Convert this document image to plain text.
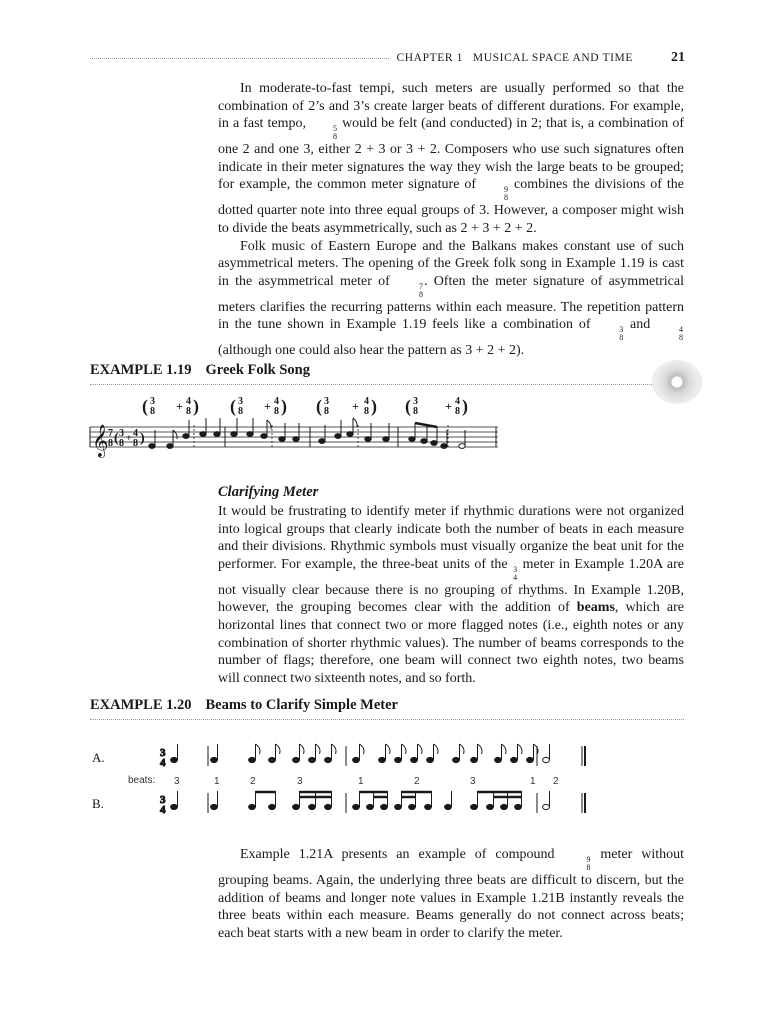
CHAPTER 1 MUSICAL SPACE AND TIME	21

In moderate-to-fast tempi, such meters are usually performed so that the combination of 2’s and 3’s create larger beats of different durations. For example, in a fast tempo,	5
8
would be felt (and conducted) in 2; that is, a combination of one 2 and one 3, either 2 + 3 or 3 + 2. Composers who use such signatures often indicate in their meter signatures the way they wish the large beats to be grouped; for example, the common meter signature of	9
8
combines the divisions of the dotted quarter note into three equal groups of 3. However, a composer might wish to divide the beats asymmetrically, such as 2 + 3 + 2 + 2.

Folk music of Eastern Europe and the Balkans makes constant use of such asymmetrical meters. The opening of the Greek folk song in Example 1.19 is cast in the asymmetrical meter of	7
8
. Often the meter signature of asymmetrical meters clarifies the recurring patterns within each measure. The repetition pattern in the tune shown in Example 1.19 feels like a combination of	3
8
and	4
8
(although one could also hear the pattern as 3 + 2 + 2).

EXAMPLE 1.19 Greek Folk Song
( 3
8 + 4
8 ) ( 3
8 + 4
8 ) ( 3
8 + 4
8 ) ( 3
8 + 4
8 )
𝄞 7
8 ( 3
8 + 4
8 )
Clarifying Meter

It would be frustrating to identify meter if rhythmic durations were not organized into logical groups that clearly indicate both the number of beats in each measure and their divisions. Rhythmic symbols must visually organize the beat unit for the performer. For example, the three-beat units of the 3
4
meter in Example 1.20A are not visually clear because there is no grouping of rhythms. In Example 1.20B, however, the grouping becomes clear with the addition of beams, which are horizontal lines that connect two or more flagged notes (i.e., eighth notes or any combination of shorter rhythmic values). The number of beams corresponds to the number of flags; therefore, one beam will connect two eighth notes, two beams will connect two sixteenth notes, and so forth.

EXAMPLE 1.20 Beams to Clarify Simple Meter
A.
B.
beats: 3	1	2	3	1	2	3	1 2
3
4
3
4

Example 1.21A presents an example of compound	9
8
meter without grouping beams. Again, the underlying three beats are difficult to discern, but the addition of beams and longer note values in Example 1.21B instantly reveals the three beats within each measure. Beams generally do not connect across beats; each beat starts with a new beam in order to clarify the meter.
